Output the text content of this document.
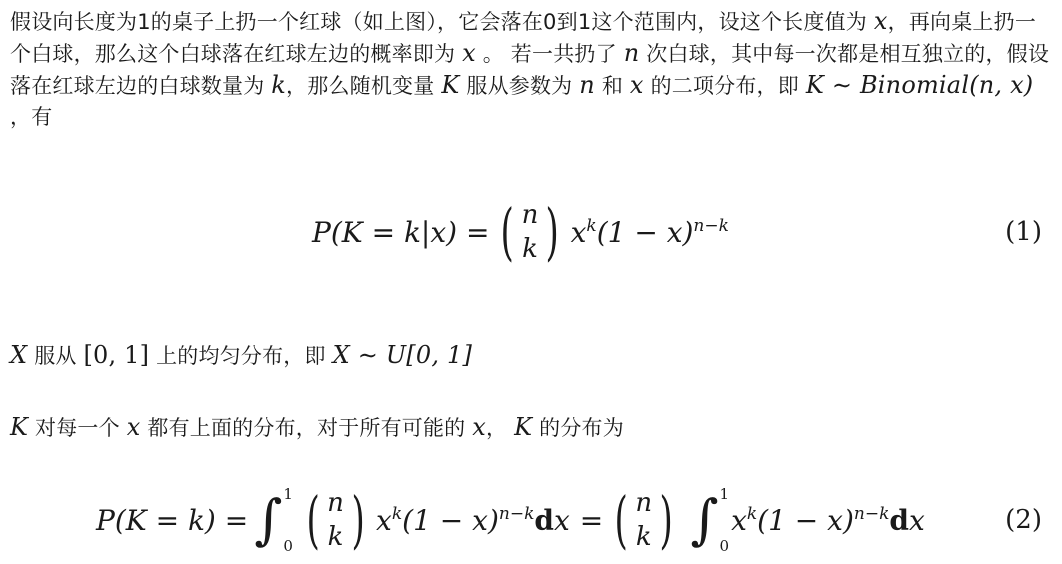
假设向长度为1的桌子上扔一个红球（如上图），它会落在0到1这个范围内，设这个长度值为 x，再向桌上扔一个白球，那么这个白球落在红球左边的概率即为 x 。 若一共扔了 n 次白球，其中每一次都是相互独立的，假设落在红球左边的白球数量为 k，那么随机变量 K 服从参数为 n 和 x 的二项分布，即 K ∼ Binomial(n, x) ，有
P(K = k|x) = ( n
k ) $x^k$ $(1 - x)^{n-k}$	(1)
X 服从 [0, 1] 上的均匀分布，即 X ∼ U[0, 1]
K 对每一个 x 都有上面的分布，对于所有可能的 x， K 的分布为
P(K = k) = ∫ 1
0 ( n
k ) $x^k$ $(1 - x)^{n-k}$ d x = ( n
k ) ∫ 1
0
$x^k$ $(1 - x)^{n-k}$ d x	(2)
